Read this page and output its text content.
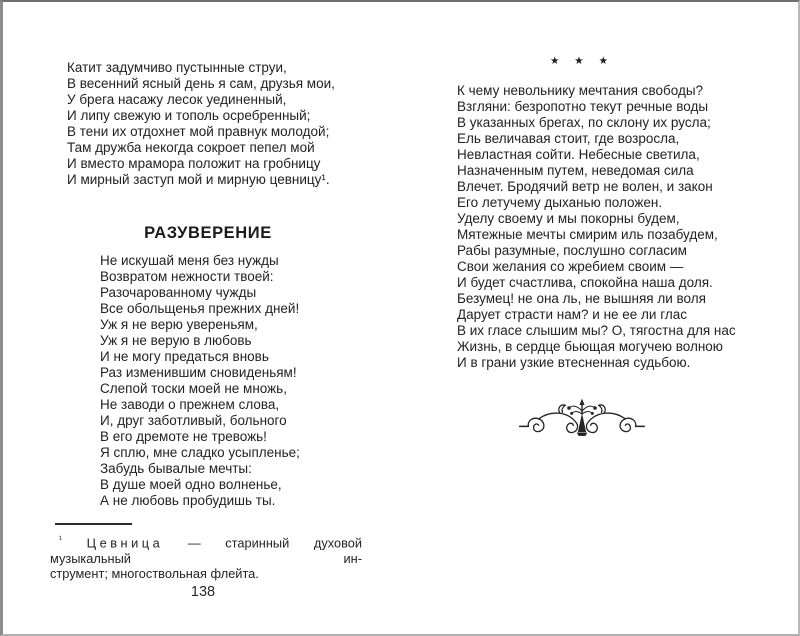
Катит задумчиво пустынные струи,
В весенний ясный день я сам, друзья мои,
У брега насажу лесок уединенный,
И липу свежую и тополь осребренный;
В тени их отдохнет мой правнук молодой;
Там дружба некогда сокроет пепел мой
И вместо мрамора положит на гробницу
И мирный заступ мой и мирную цевницу¹.
РАЗУВЕРЕНИЕ
Не искушай меня без нужды
Возвратом нежности твоей:
Разочарованному чужды
Все обольщенья прежних дней!
Уж я не верю увереньям,
Уж я не верую в любовь
И не могу предаться вновь
Раз изменившим сновиденьям!
Слепой тоски моей не множь,
Не заводи о прежнем слова,
И, друг заботливый, больного
В его дремоте не тревожь!
Я сплю, мне сладко усыпленье;
Забудь бывалые мечты:
В душе моей одно волненье,
А не любовь пробудишь ты.
$^{^1}$ Цевница — старинный духовой музыкальный ин-
струмент; многоствольная флейта.
138
★ ★ ★
К чему невольнику мечтания свободы?
Взгляни: безропотно текут речные воды
В указанных брегах, по склону их русла;
Ель величавая стоит, где возросла,
Невластная сойти. Небесные светила,
Назначенным путем, неведомая сила
Влечет. Бродячий ветр не волен, и закон
Его летучему дыханью положен.
Уделу своему и мы покорны будем,
Мятежные мечты смирим иль позабудем,
Рабы разумные, послушно согласим
Свои желания со жребием своим —
И будет счастлива, спокойна наша доля.
Безумец! не она ль, не вышняя ли воля
Дарует страсти нам? и не ее ли глас
В их гласе слышим мы? О, тягостна для нас
Жизнь, в сердце бьющая могучею волною
И в грани узкие втесненная судьбою.
